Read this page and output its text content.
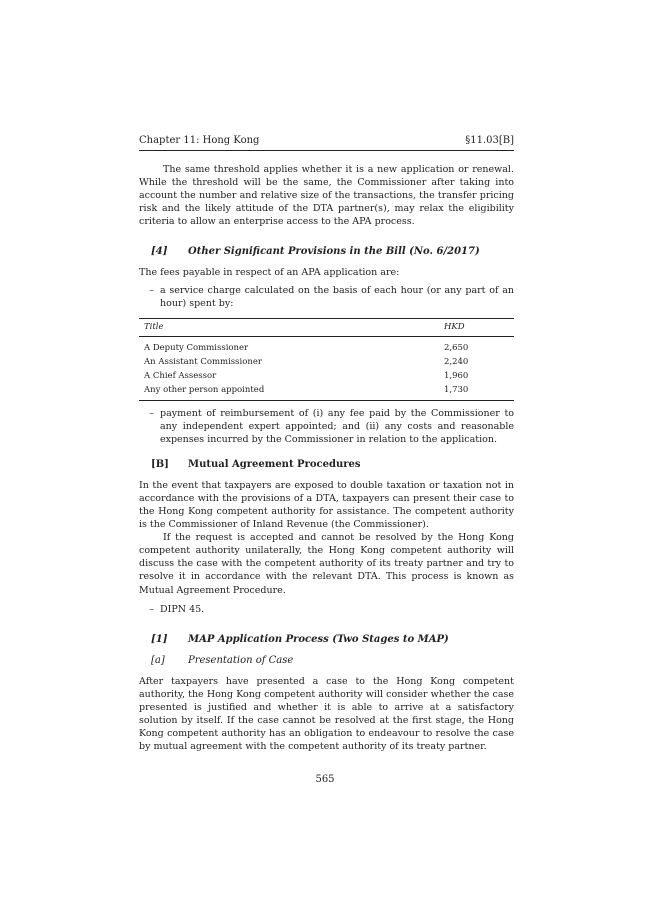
Chapter 11: Hong Kong	§11.03[B]

The same threshold applies whether it is a new application or renewal. While the threshold will be the same, the Commissioner after taking into account the number and relative size of the transactions, the transfer pricing risk and the likely attitude of the DTA partner(s), may relax the eligibility criteria to allow an enterprise access to the APA process.

[4]	Other Significant Provisions in the Bill (No. 6/2017)

The fees payable in respect of an APA application are:

– a service charge calculated on the basis of each hour (or any part of an hour) spent by:
Title	HKD
A Deputy Commissioner	2,650
An Assistant Commissioner	2,240
A Chief Assessor	1,960
Any other person appointed	1,730
– payment of reimbursement of (i) any fee paid by the Commissioner to any independent expert appointed; and (ii) any costs and reasonable expenses incurred by the Commissioner in relation to the application.
[B]	Mutual Agreement Procedures

In the event that taxpayers are exposed to double taxation or taxation not in accordance with the provisions of a DTA, taxpayers can present their case to the Hong Kong competent authority for assistance. The competent authority is the Commissioner of Inland Revenue (the Commissioner).

If the request is accepted and cannot be resolved by the Hong Kong competent authority unilaterally, the Hong Kong competent authority will discuss the case with the competent authority of its treaty partner and try to resolve it in accordance with the relevant DTA. This process is known as Mutual Agreement Procedure.

– DIPN 45.
[1]	MAP Application Process (Two Stages to MAP)
[a]	Presentation of Case

After taxpayers have presented a case to the Hong Kong competent authority, the Hong Kong competent authority will consider whether the case presented is justified and whether it is able to arrive at a satisfactory solution by itself. If the case cannot be resolved at the first stage, the Hong Kong competent authority has an obligation to endeavour to resolve the case by mutual agreement with the competent authority of its treaty partner.

565
